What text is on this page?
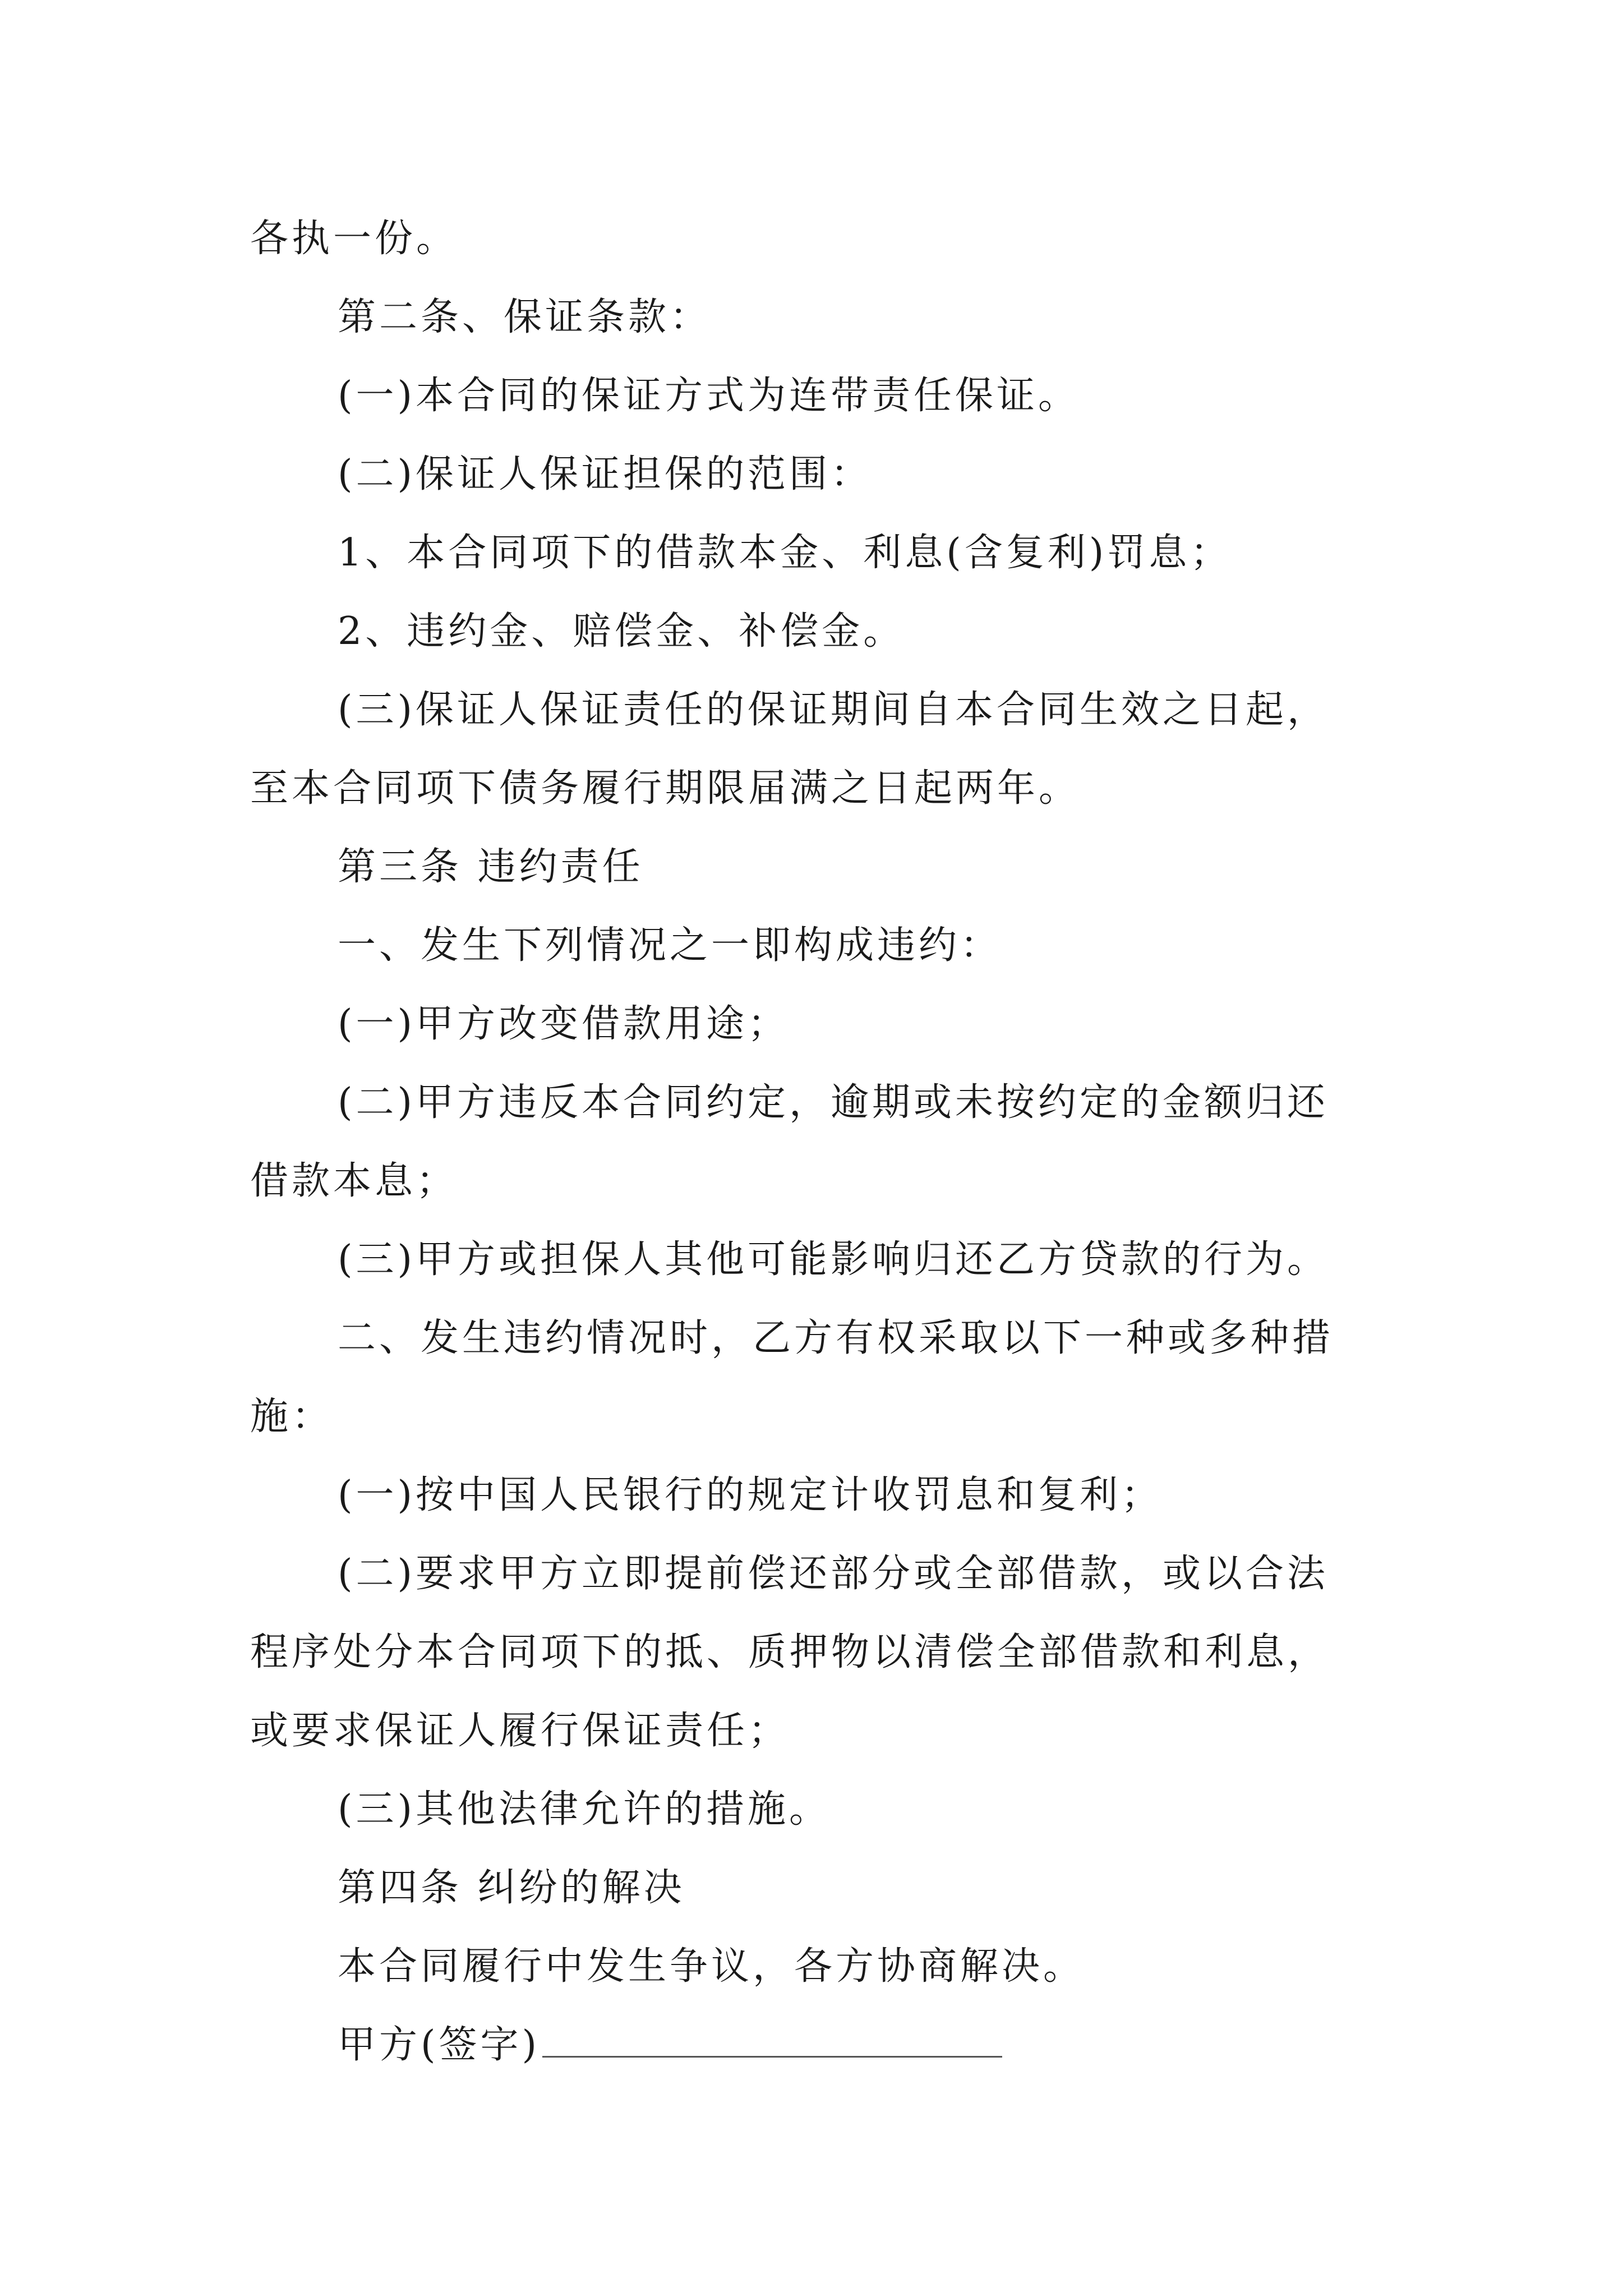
各执一份。

第二条、保证条款：

(一)本合同的保证方式为连带责任保证。

(二)保证人保证担保的范围：

1、本合同项下的借款本金、利息(含复利)罚息；

2、违约金、赔偿金、补偿金。

(三)保证人保证责任的保证期间自本合同生效之日起，

至本合同项下债务履行期限届满之日起两年。

第三条 违约责任

一、发生下列情况之一即构成违约：

(一)甲方改变借款用途；

(二)甲方违反本合同约定，逾期或未按约定的金额归还

借款本息；

(三)甲方或担保人其他可能影响归还乙方贷款的行为。

二、发生违约情况时，乙方有权采取以下一种或多种措

施：

(一)按中国人民银行的规定计收罚息和复利；

(二)要求甲方立即提前偿还部分或全部借款，或以合法

程序处分本合同项下的抵、质押物以清偿全部借款和利息，

或要求保证人履行保证责任；

(三)其他法律允许的措施。

第四条 纠纷的解决

本合同履行中发生争议，各方协商解决。

甲方(签字)
